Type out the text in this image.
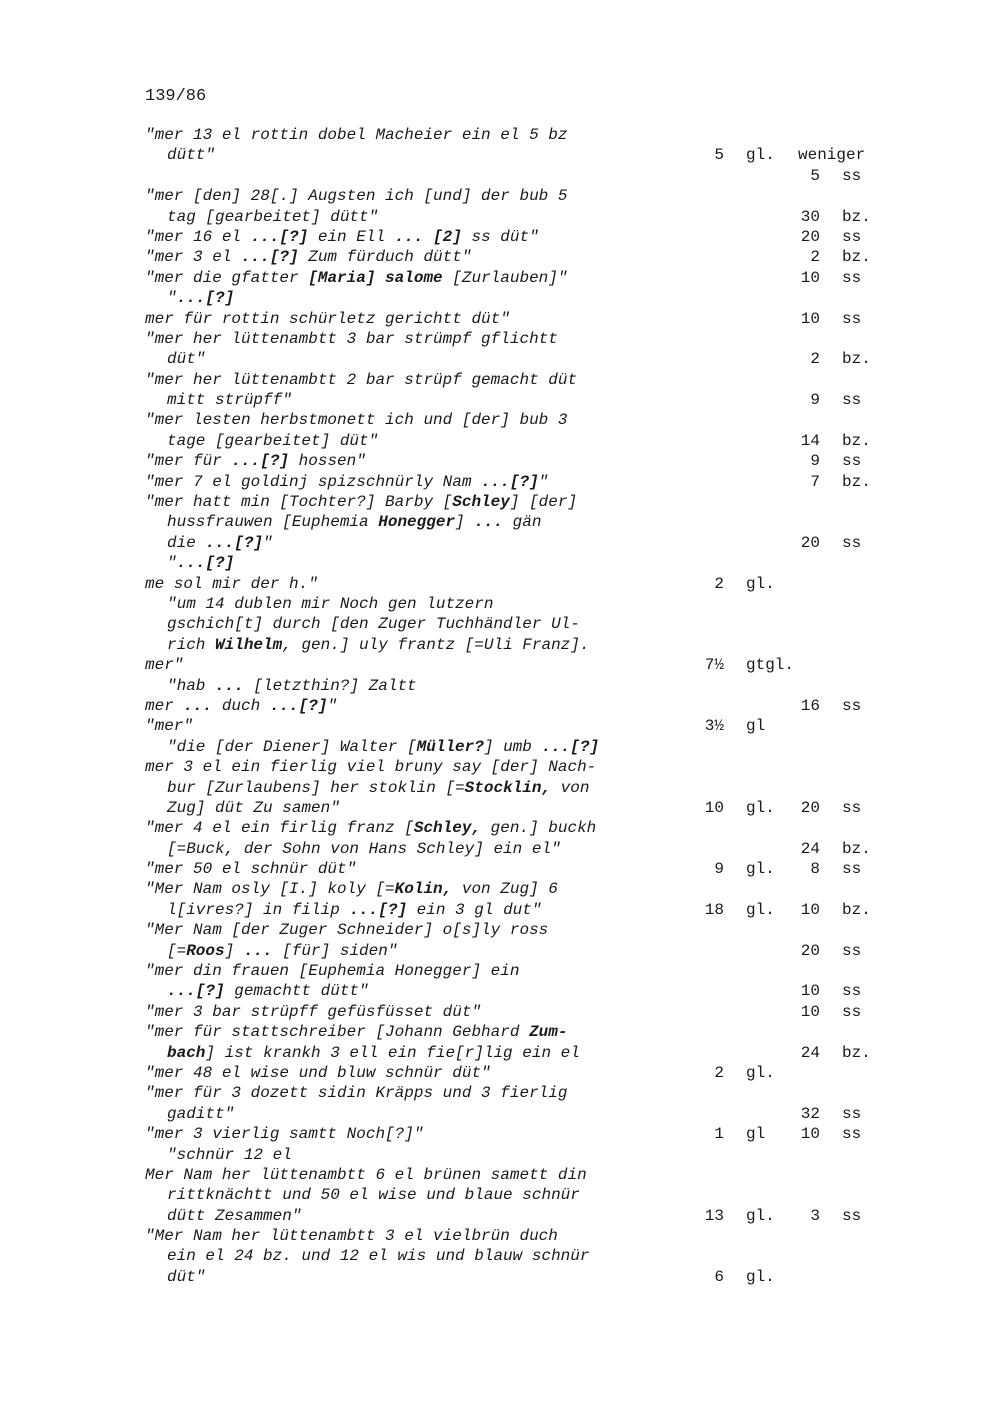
139/86
"mer 13 el rottin dobel Macheier ein el 5 bz
dütt"	5 gl. weniger
5 ss
"mer [den] 28[.] Augsten ich [und] der bub 5
tag [gearbeitet] dütt"	30 bz.
"mer 16 el ...[?] ein Ell ... [2] ss düt"	20 ss
"mer 3 el ...[?] Zum fürduch dütt"	2 bz.
"mer die gfatter [Maria] salome [Zurlauben]"	10 ss
"...[?]
mer für rottin schürletz gerichtt düt"	10 ss
"mer her lüttenambtt 3 bar strümpf gflichtt
düt"	2 bz.
"mer her lüttenambtt 2 bar strüpf gemacht düt
mitt strüpff"	9 ss
"mer lesten herbstmonett ich und [der] bub 3
tage [gearbeitet] düt"	14 bz.
"mer für ...[?] hossen"	9 ss
"mer 7 el goldinj spizschnürly Nam ...[?]"	7 bz.
"mer hatt min [Tochter?] Barby [Schley] [der]
hussfrauwen [Euphemia Honegger] ... gän
die ...[?]"	20 ss
"...[?]
me sol mir der h."	2 gl.
"um 14 dublen mir Noch gen lutzern
gschich[t] durch [den Zuger Tuchhändler Ul-
rich Wilhelm, gen.] uly frantz [=Uli Franz].
mer"	7½ gtgl.
"hab ... [letzthin?] Zaltt
mer ... duch ...[?]"	16 ss
"mer"	3½ gl
"die [der Diener] Walter [Müller?] umb ...[?]
mer 3 el ein fierlig viel bruny say [der] Nach-
bur [Zurlaubens] her stoklin [=Stocklin, von
Zug] düt Zu samen"	10 gl.	20 ss
"mer 4 el ein firlig franz [Schley, gen.] buckh
[=Buck, der Sohn von Hans Schley] ein el"	24 bz.
"mer 50 el schnür düt"	9 gl.	8 ss
"Mer Nam osly [I.] koly [=Kolin, von Zug] 6
l[ivres?] in filip ...[?] ein 3 gl dut"	18 gl.	10 bz.
"Mer Nam [der Zuger Schneider] o[s]ly ross
[=Roos] ... [für] siden"	20 ss
"mer din frauen [Euphemia Honegger] ein
...[?] gemachtt dütt"	10 ss
"mer 3 bar strüpff gefüsfüsset düt"	10 ss
"mer für stattschreiber [Johann Gebhard Zum-
bach] ist krankh 3 ell ein fie[r]lig ein el	24 bz.
"mer 48 el wise und bluw schnür düt"	2 gl.
"mer für 3 dozett sidin Kräpps und 3 fierlig
gaditt"	32 ss
"mer 3 vierlig samtt Noch[?]"	1 gl	10 ss
"schnür 12 el
Mer Nam her lüttenambtt 6 el brünen samett din
rittknächtt und 50 el wise und blaue schnür
dütt Zesammen"	13 gl.	3 ss
"Mer Nam her lüttenambtt 3 el vielbrün duch
ein el 24 bz. und 12 el wis und blauw schnür
düt"	6 gl.
